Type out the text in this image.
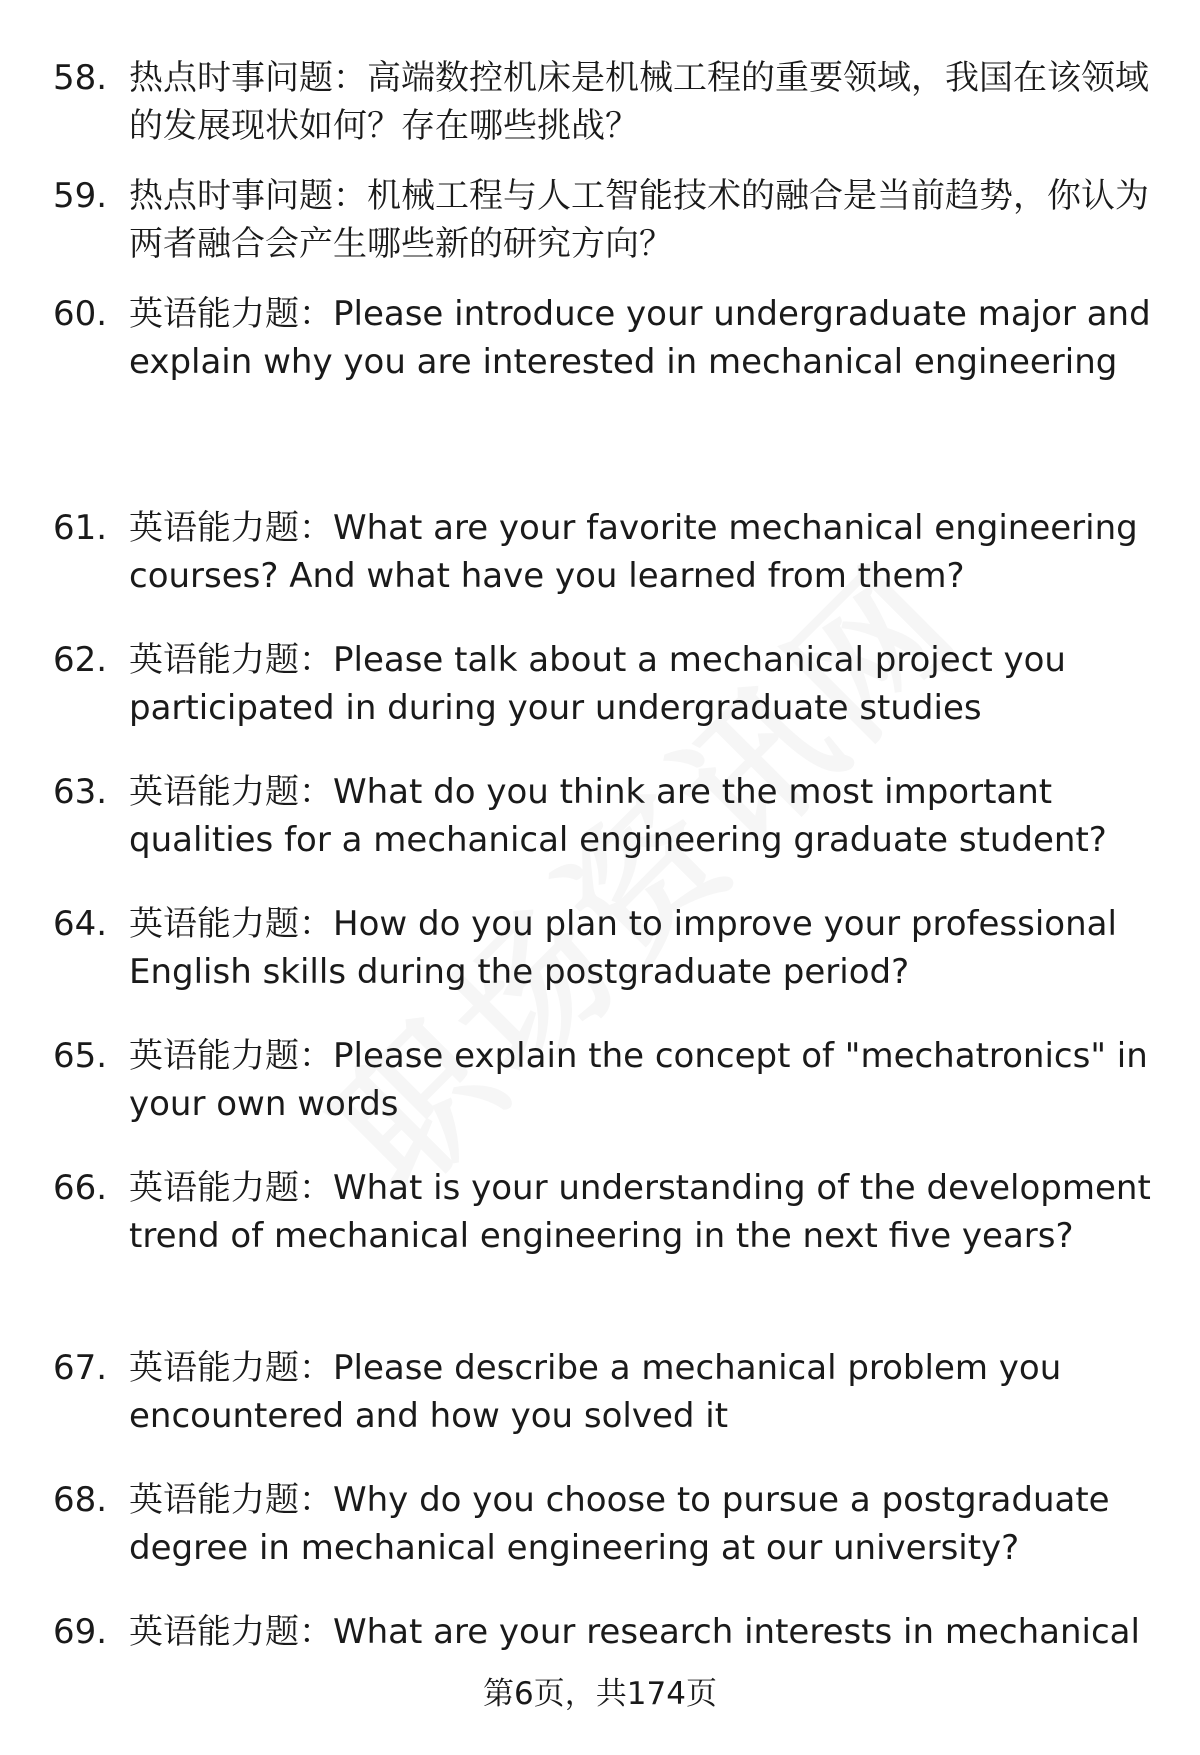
58. 热点时事问题：高端数控机床是机械工程的重要领域，我国在该领域的发展现状如何？存在哪些挑战？
59. 热点时事问题：机械工程与人工智能技术的融合是当前趋势，你认为两者融合会产生哪些新的研究方向？
60. 英语能力题：Please introduce your undergraduate major and explain why you are interested in mechanical engineering
61. 英语能力题：What are your favorite mechanical engineering courses? And what have you learned from them?
62. 英语能力题：Please talk about a mechanical project you participated in during your undergraduate studies
63. 英语能力题：What do you think are the most important qualities for a mechanical engineering graduate student?
64. 英语能力题：How do you plan to improve your professional English skills during the postgraduate period?
65. 英语能力题：Please explain the concept of "mechatronics" in your own words
66. 英语能力题：What is your understanding of the development trend of mechanical engineering in the next five years?
67. 英语能力题：Please describe a mechanical problem you encountered and how you solved it
68. 英语能力题：Why do you choose to pursue a postgraduate degree in mechanical engineering at our university?
69. 英语能力题：What are your research interests in mechanical
第6页，共174页
